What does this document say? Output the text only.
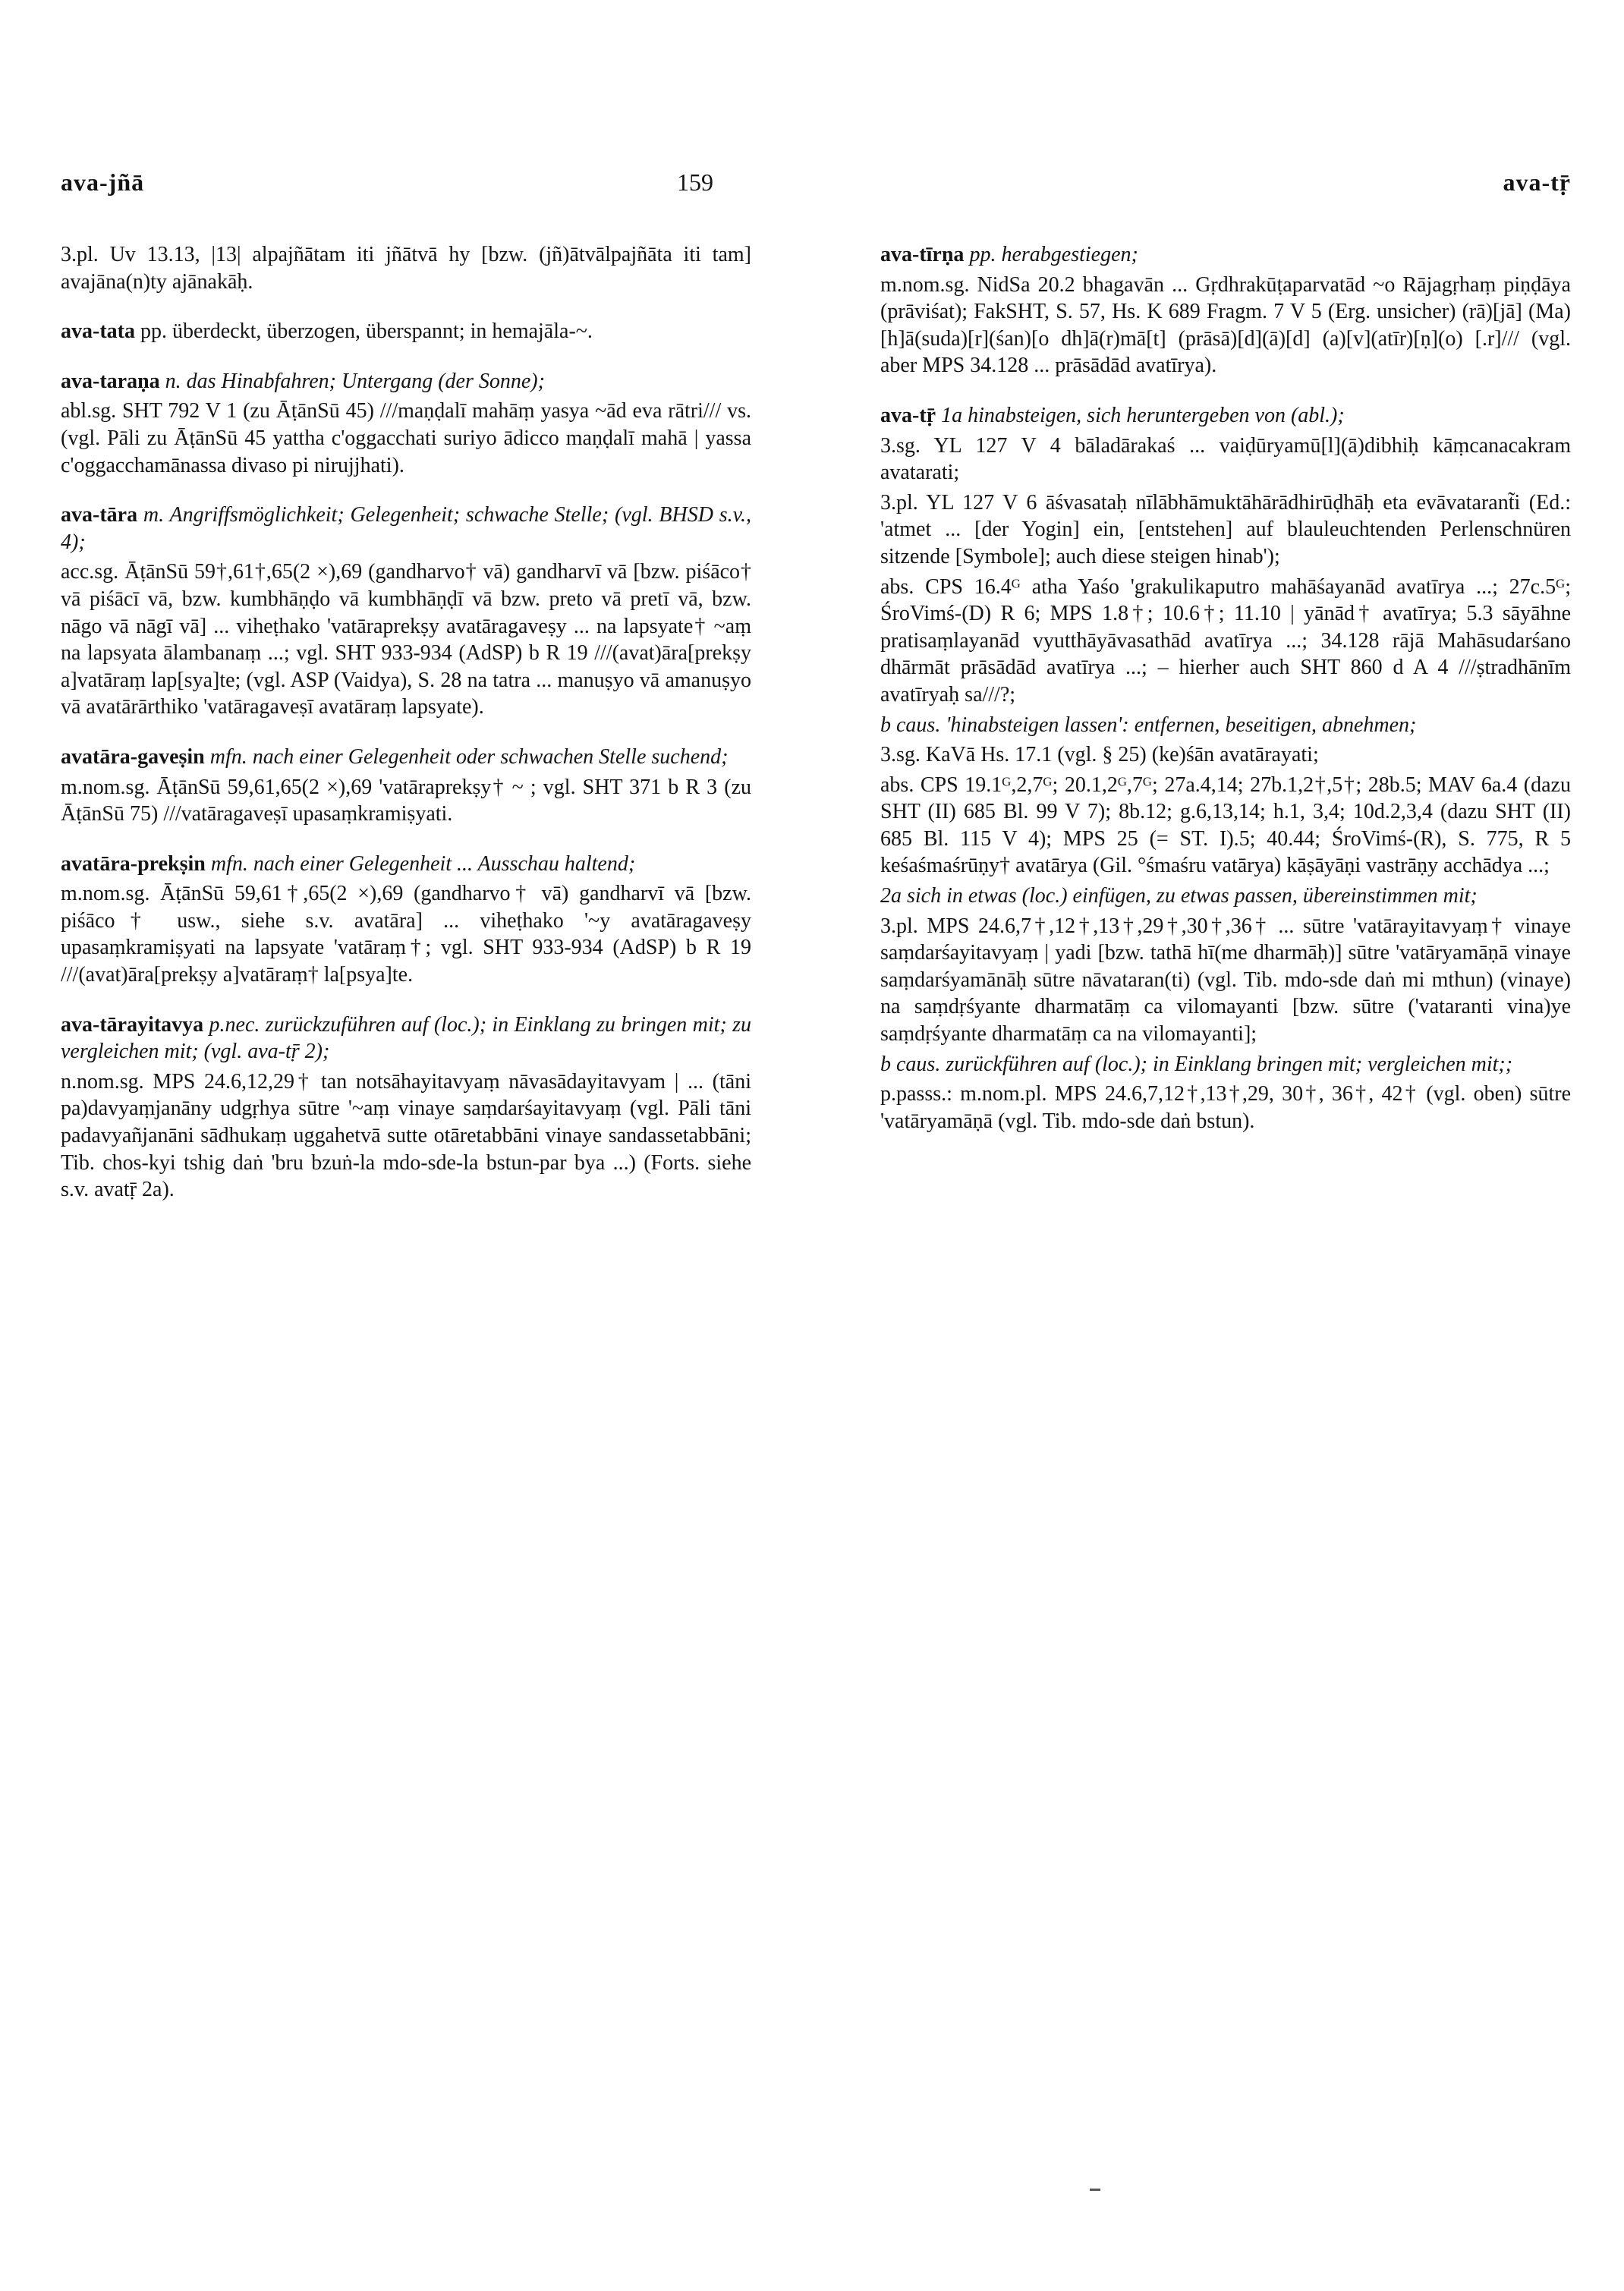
ava-jñā	159	ava-tṝ

3.pl. Uv 13.13, |13| alpajñātam iti jñātvā hy [bzw. (jñ)ātvālpajñāta iti tam] avajāna(n)ty ajānakāḥ.

ava-tata pp. überdeckt, überzogen, überspannt; in hemajāla-~.

ava-taraṇa n. das Hinabfahren; Untergang (der Sonne);

abl.sg. SHT 792 V 1 (zu ĀṭānSū 45) ///maṇḍalī mahāṃ yasya ~ād eva rātri/// vs. (vgl. Pāli zu ĀṭānSū 45 yattha c'oggacchati suriyo ādicco maṇḍalī mahā | yassa c'oggacchamānassa divaso pi nirujjhati).

ava-tāra m. Angriffsmöglichkeit; Gelegenheit; schwache Stelle; (vgl. BHSD s.v., 4);

acc.sg. ĀṭānSū 59†,61†,65(2 ×),69 (gandharvo† vā) gandharvī vā [bzw. piśāco† vā piśācī vā, bzw. kumbhāṇḍo vā kumbhāṇḍī vā bzw. preto vā pretī vā, bzw. nāgo vā nāgī vā] ... viheṭhako 'vatāraprekṣy avatāragaveṣy ... na lapsyate† ~aṃ na lapsyata ālambanaṃ ...; vgl. SHT 933-934 (AdSP) b R 19 ///(avat)āra[prekṣy a]vatāraṃ lap[sya]te; (vgl. ASP (Vaidya), S. 28 na tatra ... manuṣyo vā amanuṣyo vā avatārārthiko 'vatāragaveṣī avatāraṃ lapsyate).

avatāra-gaveṣin mfn. nach einer Gelegenheit oder schwachen Stelle suchend;

m.nom.sg. ĀṭānSū 59,61,65(2 ×),69 'vatāraprekṣy† ~ ; vgl. SHT 371 b R 3 (zu ĀṭānSū 75) ///vatāragaveṣī upasaṃkramiṣyati.

avatāra-prekṣin mfn. nach einer Gelegenheit ... Ausschau haltend;

m.nom.sg. ĀṭānSū 59,61†,65(2 ×),69 (gandharvo† vā) gandharvī vā [bzw. piśāco† usw., siehe s.v. avatāra] ... viheṭhako '~y avatāragaveṣy upasaṃkramiṣyati na lapsyate 'vatāraṃ†; vgl. SHT 933-934 (AdSP) b R 19 ///(avat)āra[prekṣy a]vatāraṃ† la[psya]te.

ava-tārayitavya p.nec. zurückzuführen auf (loc.); in Einklang zu bringen mit; zu vergleichen mit; (vgl. ava-tṝ 2);

n.nom.sg. MPS 24.6,12,29† tan notsāhayitavyaṃ nāvasādayitavyam | ... (tāni pa)davyaṃjanāny udgṛhya sūtre '~aṃ vinaye saṃdarśayitavyaṃ (vgl. Pāli tāni padavyañjanāni sādhukaṃ uggahetvā sutte otāretabbāni vinaye sandassetabbāni; Tib. chos-kyi tshig daṅ 'bru bzuṅ-la mdo-sde-la bstun-par bya ...) (Forts. siehe s.v. avatṝ 2a).

ava-tīrṇa pp. herabgestiegen;

m.nom.sg. NidSa 20.2 bhagavān ... Gṛdhrakūṭaparvatād ~o Rājagṛhaṃ piṇḍāya (prāviśat); FakSHT, S. 57, Hs. K 689 Fragm. 7 V 5 (Erg. unsicher) (rā)[jā] (Ma)[h]ā(suda)[r](śan)[o dh]ā(r)mā[t] (prāsā)[d](ā)[d] (a)[v](atīr)[ṇ](o) [.r]/// (vgl. aber MPS 34.128 ... prāsādād avatīrya).

ava-tṝ 1a hinabsteigen, sich heruntergeben von (abl.);

3.sg. YL 127 V 4 bāladārakaś ... vaiḍūryamū[l](ā)dibhiḥ kāṃcanacakram avatarati;

3.pl. YL 127 V 6 āśvasataḥ nīlābhāmuktāhārādhirūḍhāḥ eta evāvatarant̃i (Ed.: 'atmet ... [der Yogin] ein, [entstehen] auf blauleuchtenden Perlenschnüren sitzende [Symbole]; auch diese steigen hinab');

abs. CPS 16.4ᴳ atha Yaśo 'grakulikaputro mahāśayanād avatīrya ...; 27c.5ᴳ; ŚroVimś-(D) R 6; MPS 1.8†; 10.6†; 11.10 | yānād† avatīrya; 5.3 sāyāhne pratisaṃlayanād vyutthāyāvasathād avatīrya ...; 34.128 rājā Mahāsudarśano dhārmāt prāsādād avatīrya ...; – hierher auch SHT 860 d A 4 ///ṣtradhānīm avatīryaḥ sa///?;

b caus. 'hinabsteigen lassen': entfernen, beseitigen, abnehmen;

3.sg. KaVā Hs. 17.1 (vgl. § 25) (ke)śān avatārayati;

abs. CPS 19.1ᴳ,2,7ᴳ; 20.1,2ᴳ,7ᴳ; 27a.4,14; 27b.1,2†,5†; 28b.5; MAV 6a.4 (dazu SHT (II) 685 Bl. 99 V 7); 8b.12; g.6,13,14; h.1, 3,4; 10d.2,3,4 (dazu SHT (II) 685 Bl. 115 V 4); MPS 25 (= ST. I).5; 40.44; ŚroVimś-(R), S. 775, R 5 keśaśmaśrūṇy† avatārya (Gil. °śmaśru vatārya) kāṣāyāṇi vastrāṇy acchādya ...;

2a sich in etwas (loc.) einfügen, zu etwas passen, übereinstimmen mit;

3.pl. MPS 24.6,7†,12†,13†,29†,30†,36† ... sūtre 'vatārayitavyaṃ† vinaye saṃdarśayitavyaṃ | yadi [bzw. tathā hī(me dharmāḥ)] sūtre 'vatāryamāṇā vinaye saṃdarśyamānāḥ sūtre nāvataran(ti) (vgl. Tib. mdo-sde daṅ mi mthun) (vinaye) na saṃdṛśyante dharmatāṃ ca vilomayanti [bzw. sūtre ('vataranti vina)ye saṃdṛśyante dharmatāṃ ca na vilomayanti];

b caus. zurückführen auf (loc.); in Einklang bringen mit; vergleichen mit;;

p.passs.: m.nom.pl. MPS 24.6,7,12†,13†,29, 30†, 36†, 42† (vgl. oben) sūtre 'vatāryamāṇā (vgl. Tib. mdo-sde daṅ bstun).
